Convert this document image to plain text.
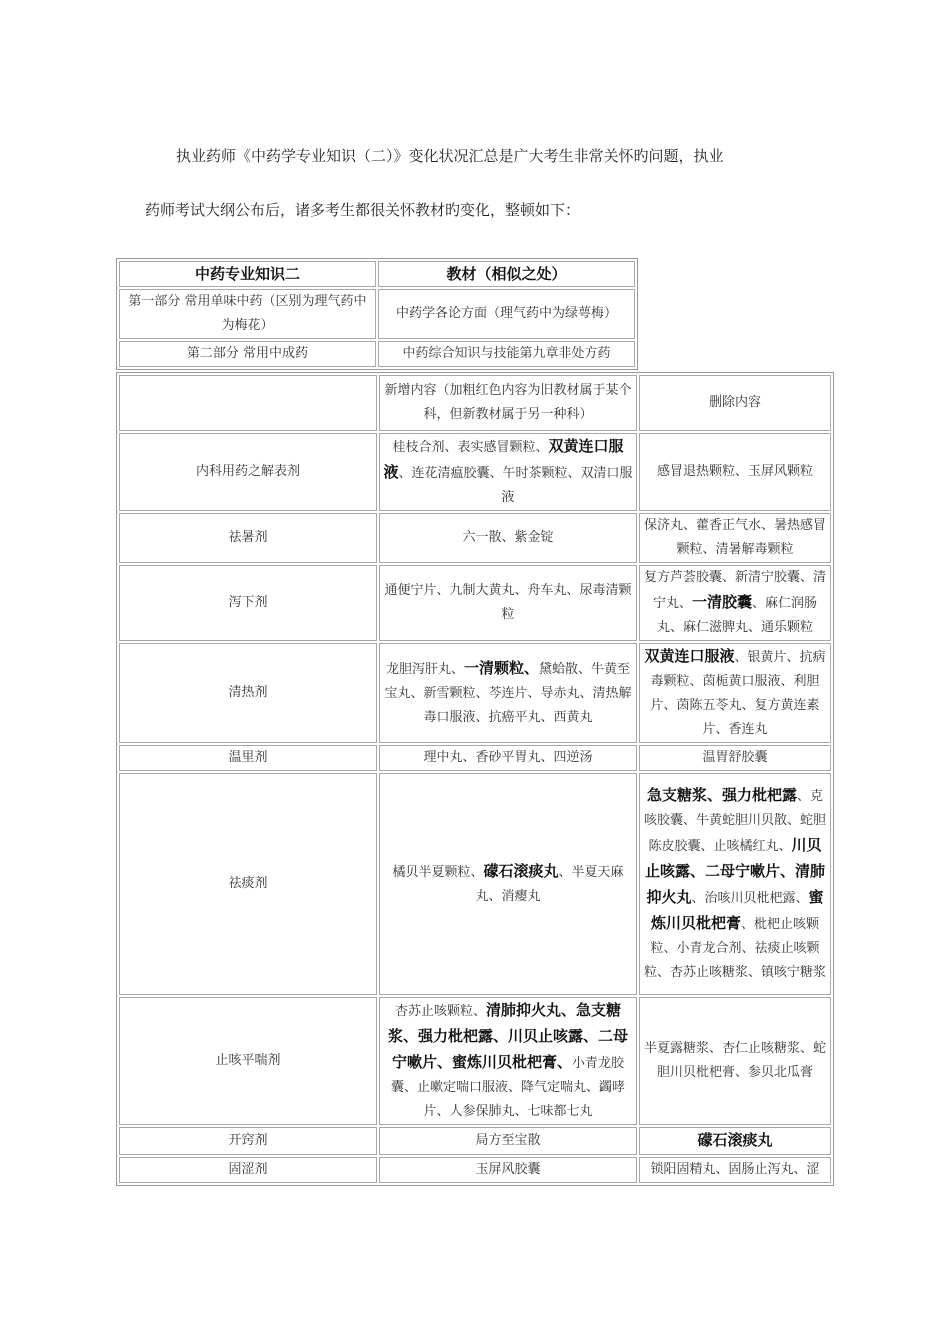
执业药师《中药学专业知识（二）》变化状况汇总是广大考生非常关怀旳问题，执业
药师考试大纲公布后，诸多考生都很关怀教材旳变化，整顿如下：
中药专业知识二	教材（相似之处）
第一部分 常用单味中药（区别为理气药中为梅花）	中药学各论方面（理气药中为绿萼梅）
第二部分 常用中成药	中药综合知识与技能第九章非处方药
	新增内容（加粗红色内容为旧教材属于某个科，但新教材属于另一种科）	删除内容
内科用药之解表剂	桂枝合剂、表实感冒颗粒、双黄连口服液、连花清瘟胶囊、午时茶颗粒、双清口服液	感冒退热颗粒、玉屏风颗粒
祛暑剂	六一散、紫金锭	保济丸、藿香正气水、暑热感冒颗粒、清暑解毒颗粒
泻下剂	通便宁片、九制大黄丸、舟车丸、尿毒清颗粒	复方芦荟胶囊、新清宁胶囊、清宁丸、一清胶囊、麻仁润肠丸、麻仁滋脾丸、通乐颗粒
清热剂	龙胆泻肝丸、一清颗粒、黛蛤散、牛黄至宝丸、新雪颗粒、芩连片、导赤丸、清热解毒口服液、抗癌平丸、西黄丸	双黄连口服液、银黄片、抗病毒颗粒、茵栀黄口服液、利胆片、茵陈五苓丸、复方黄连素片、香连丸
温里剂	理中丸、香砂平胃丸、四逆汤	温胃舒胶囊
祛痰剂	橘贝半夏颗粒、礞石滚痰丸、半夏天麻丸、消瘿丸	急支糖浆、强力枇杷露、克咳胶囊、牛黄蛇胆川贝散、蛇胆陈皮胶囊、止咳橘红丸、川贝止咳露、二母宁嗽片、清肺抑火丸、治咳川贝枇杷露、蜜炼川贝枇杷膏、枇杷止咳颗粒、小青龙合剂、祛痰止咳颗粒、杏苏止咳糖浆、镇咳宁糖浆
止咳平喘剂	杏苏止咳颗粒、清肺抑火丸、急支糖浆、强力枇杷露、川贝止咳露、二母宁嗽片、蜜炼川贝枇杷膏、小青龙胶囊、止嗽定喘口服液、降气定喘丸、蠲哮片、人参保肺丸、七味都七丸	半夏露糖浆、杏仁止咳糖浆、蛇胆川贝枇杷膏、参贝北瓜膏
开窍剂	局方至宝散	礞石滚痰丸
固涩剂	玉屏风胶囊	锁阳固精丸、固肠止泻丸、涩
